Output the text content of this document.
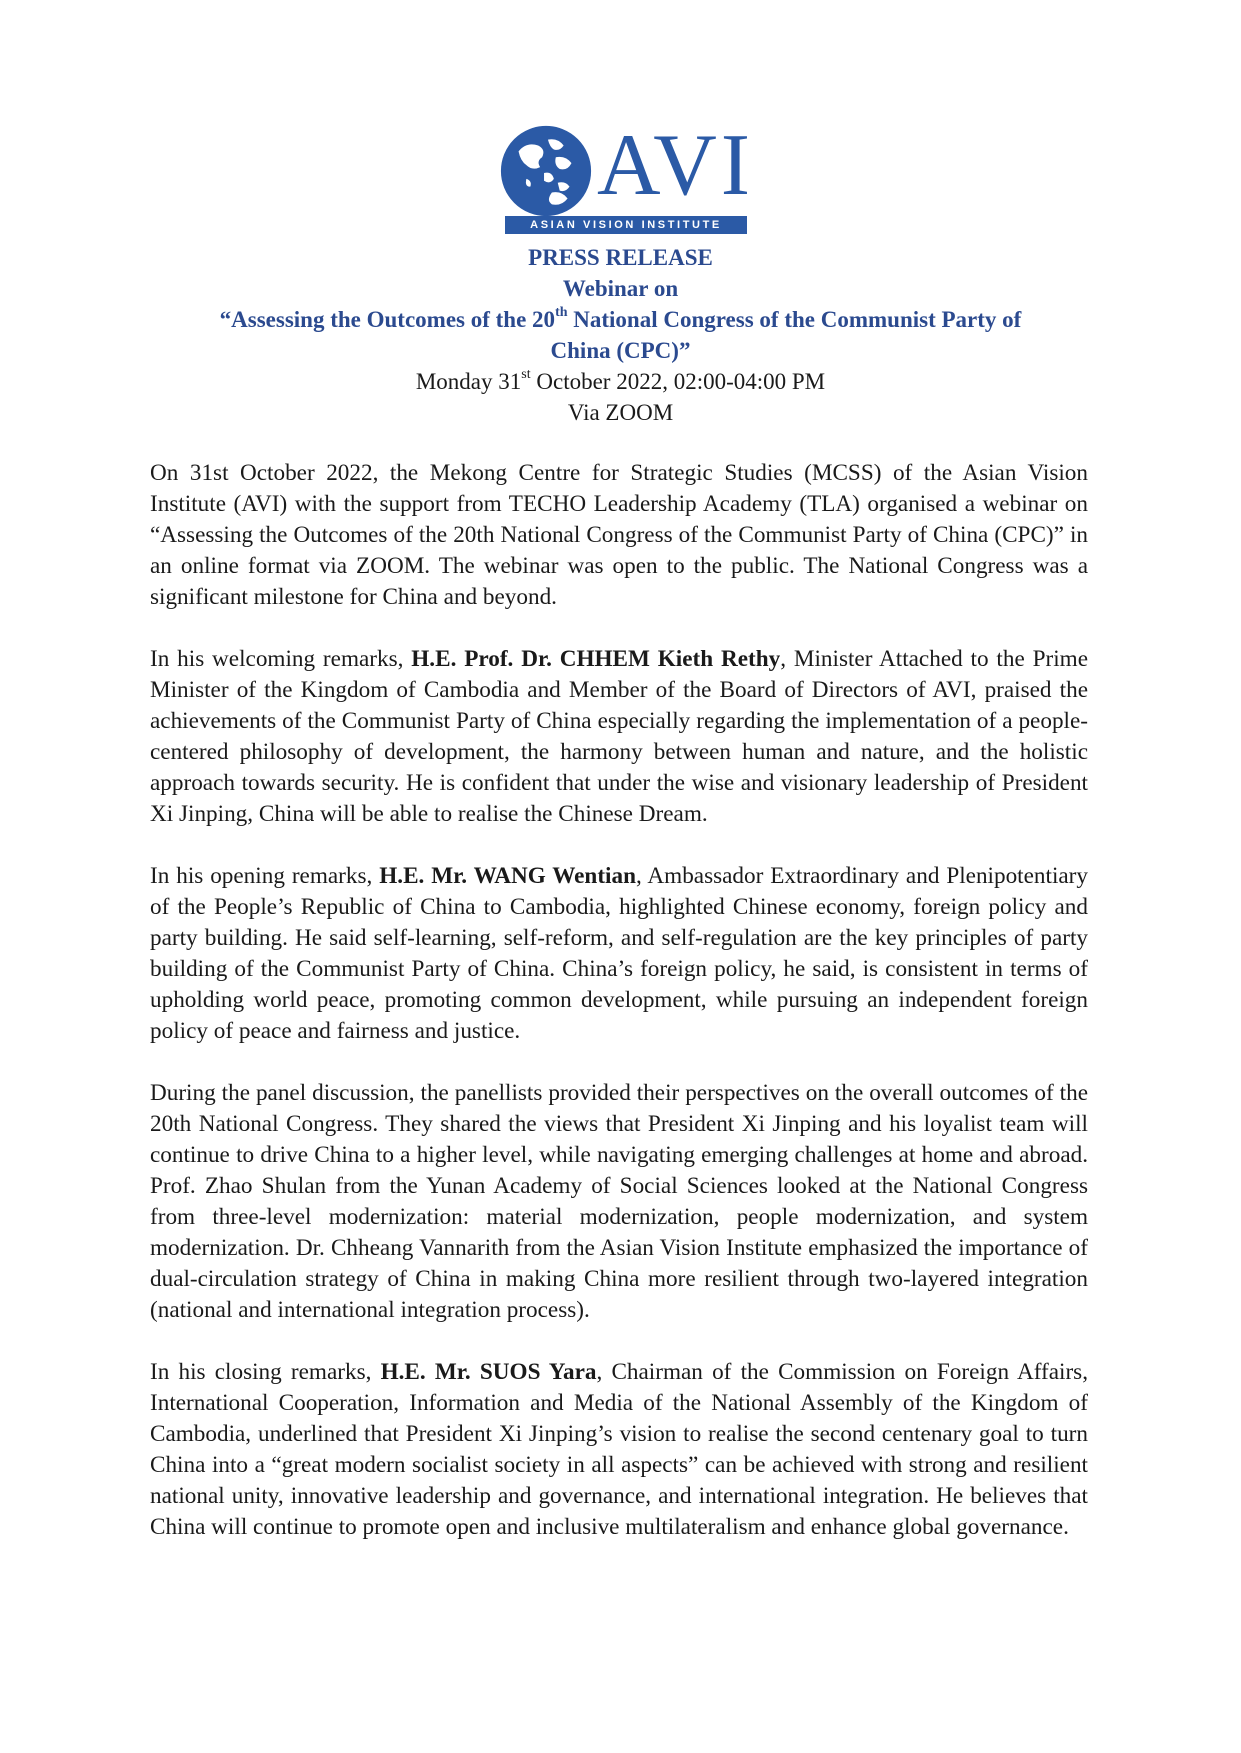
AVI
ASIAN VISION INSTITUTE
PRESS RELEASE
Webinar on
“Assessing the Outcomes of the 20th National Congress of the Communist Party of
China (CPC)”
Monday 31st October 2022, 02:00-04:00 PM
Via ZOOM

On 31st October 2022, the Mekong Centre for Strategic Studies (MCSS) of the Asian Vision Institute (AVI) with the support from TECHO Leadership Academy (TLA) organised a webinar on “Assessing the Outcomes of the 20th National Congress of the Communist Party of China (CPC)” in an online format via ZOOM. The webinar was open to the public. The National Congress was a significant milestone for China and beyond.

In his welcoming remarks, H.E. Prof. Dr. CHHEM Kieth Rethy, Minister Attached to the Prime Minister of the Kingdom of Cambodia and Member of the Board of Directors of AVI, praised the achievements of the Communist Party of China especially regarding the implementation of a people-centered philosophy of development, the harmony between human and nature, and the holistic approach towards security. He is confident that under the wise and visionary leadership of President Xi Jinping, China will be able to realise the Chinese Dream.

In his opening remarks, H.E. Mr. WANG Wentian, Ambassador Extraordinary and Plenipotentiary of the People’s Republic of China to Cambodia, highlighted Chinese economy, foreign policy and party building. He said self-learning, self-reform, and self-regulation are the key principles of party building of the Communist Party of China. China’s foreign policy, he said, is consistent in terms of upholding world peace, promoting common development, while pursuing an independent foreign policy of peace and fairness and justice.

During the panel discussion, the panellists provided their perspectives on the overall outcomes of the 20th National Congress. They shared the views that President Xi Jinping and his loyalist team will continue to drive China to a higher level, while navigating emerging challenges at home and abroad. Prof. Zhao Shulan from the Yunan Academy of Social Sciences looked at the National Congress from three-level modernization: material modernization, people modernization, and system modernization. Dr. Chheang Vannarith from the Asian Vision Institute emphasized the importance of dual-circulation strategy of China in making China more resilient through two-layered integration (national and international integration process).

In his closing remarks, H.E. Mr. SUOS Yara, Chairman of the Commission on Foreign Affairs, International Cooperation, Information and Media of the National Assembly of the Kingdom of Cambodia, underlined that President Xi Jinping’s vision to realise the second centenary goal to turn China into a “great modern socialist society in all aspects” can be achieved with strong and resilient national unity, innovative leadership and governance, and international integration. He believes that China will continue to promote open and inclusive multilateralism and enhance global governance.
